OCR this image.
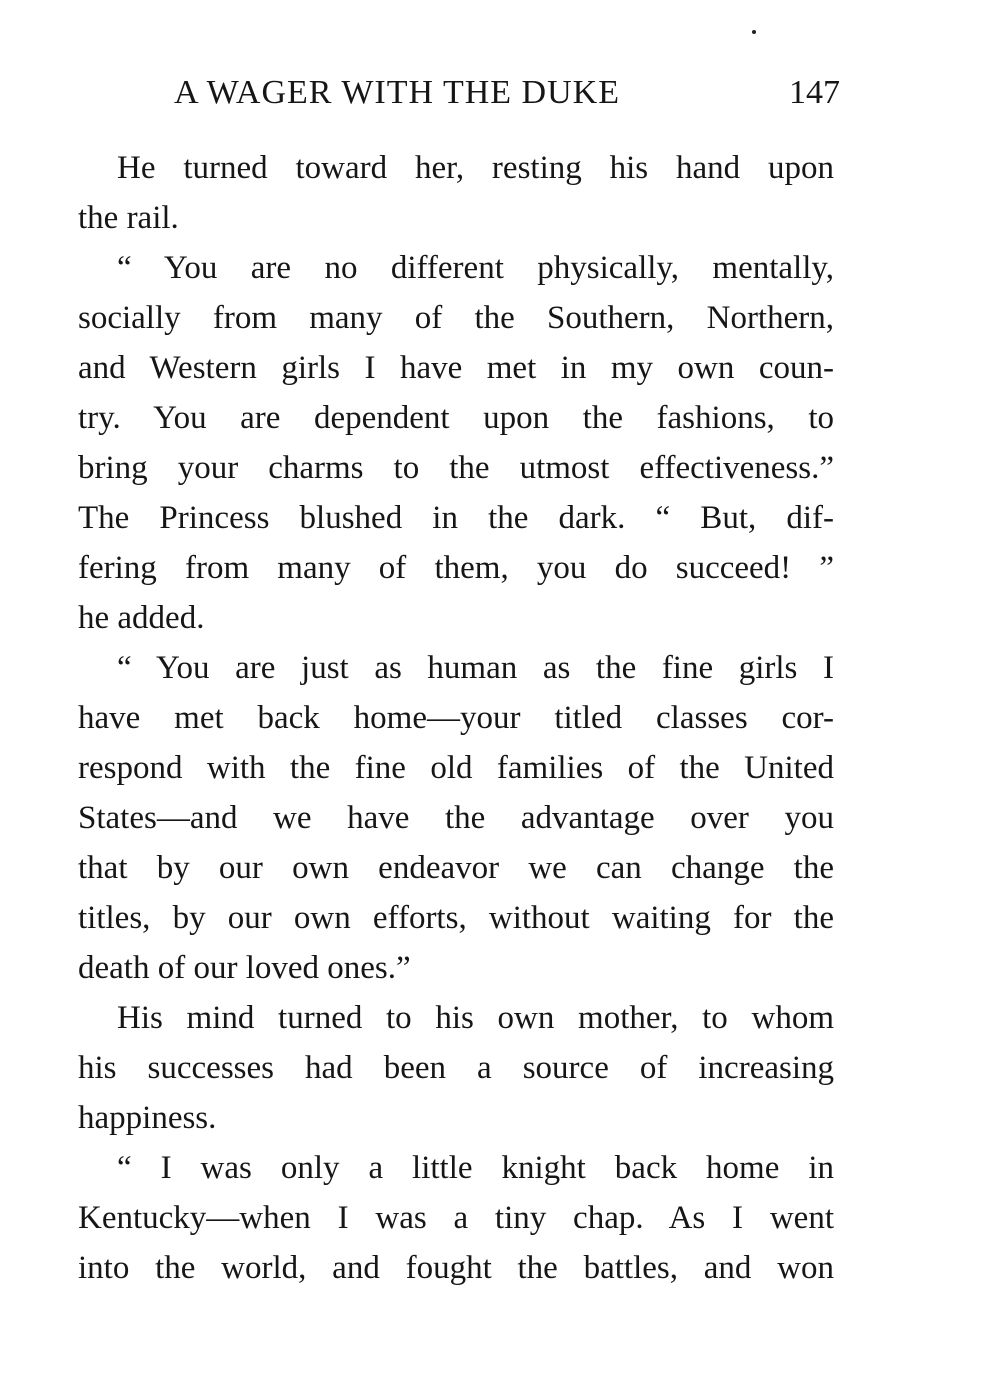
A WAGER WITH THE DUKE	147
He turned toward her, resting his hand upon
the rail.
“ You are no different physically, mentally,
socially from many of the Southern, Northern,
and Western girls I have met in my own coun-
try. You are dependent upon the fashions, to
bring your charms to the utmost effectiveness.”
The Princess blushed in the dark. “ But, dif-
fering from many of them, you do succeed! ”
he added.
“ You are just as human as the fine girls I
have met back home—your titled classes cor-
respond with the fine old families of the United
States—and we have the advantage over you
that by our own endeavor we can change the
titles, by our own efforts, without waiting for the
death of our loved ones.”
His mind turned to his own mother, to whom
his successes had been a source of increasing
happiness.
“ I was only a little knight back home in
Kentucky—when I was a tiny chap. As I went
into the world, and fought the battles, and won
